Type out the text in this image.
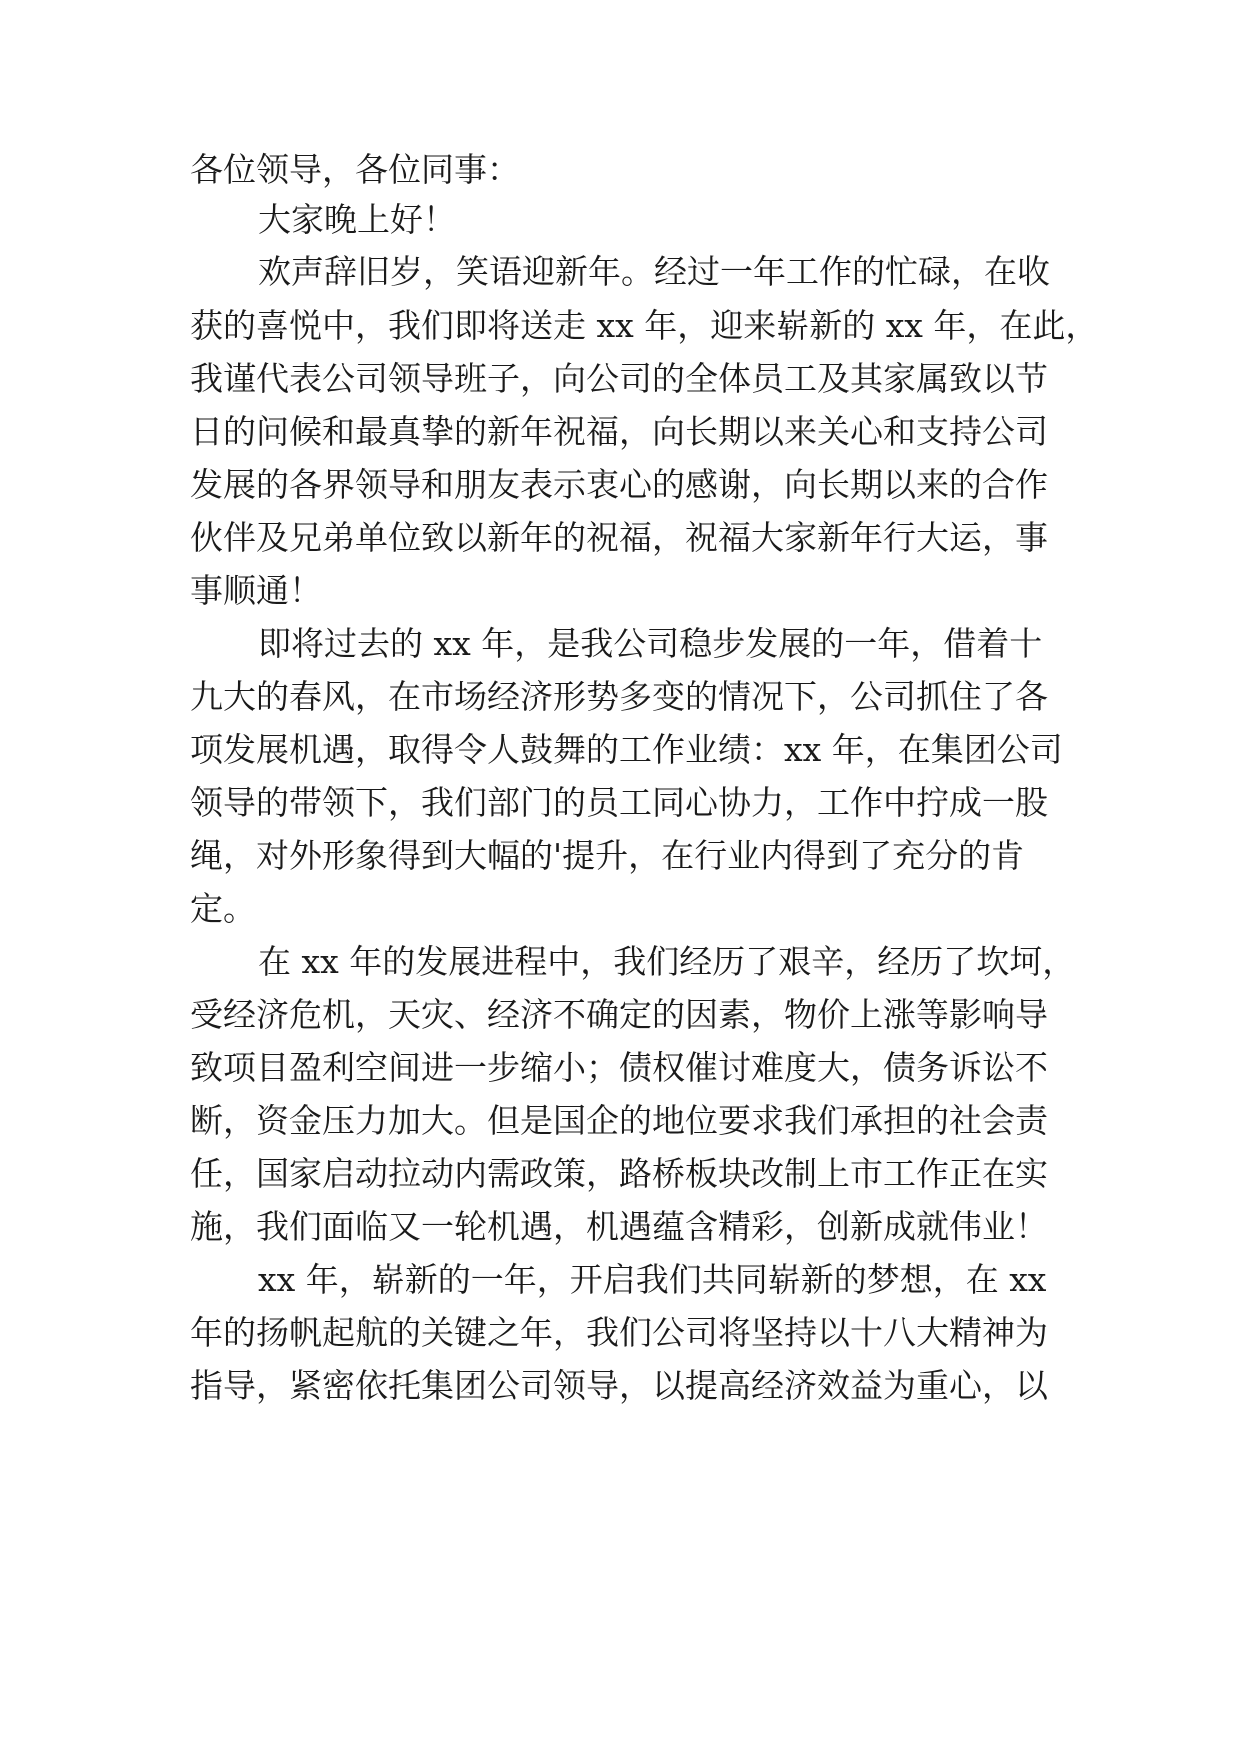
各位领导，各位同事：

大家晚上好！

欢声辞旧岁，笑语迎新年。经过一年工作的忙碌，在收

获的喜悦中，我们即将送走 xx 年，迎来崭新的 xx 年，在此，

我谨代表公司领导班子，向公司的全体员工及其家属致以节

日的问候和最真挚的新年祝福，向长期以来关心和支持公司

发展的各界领导和朋友表示衷心的感谢，向长期以来的合作

伙伴及兄弟单位致以新年的祝福，祝福大家新年行大运，事

事顺通！

即将过去的 xx 年，是我公司稳步发展的一年，借着十

九大的春风，在市场经济形势多变的情况下，公司抓住了各

项发展机遇，取得令人鼓舞的工作业绩：xx 年，在集团公司

领导的带领下，我们部门的员工同心协力，工作中拧成一股

绳，对外形象得到大幅的'提升，在行业内得到了充分的肯

定。

在 xx 年的发展进程中，我们经历了艰辛，经历了坎坷，

受经济危机，天灾、经济不确定的因素，物价上涨等影响导

致项目盈利空间进一步缩小；债权催讨难度大，债务诉讼不

断，资金压力加大。但是国企的地位要求我们承担的社会责

任，国家启动拉动内需政策，路桥板块改制上市工作正在实

施，我们面临又一轮机遇，机遇蕴含精彩，创新成就伟业！

xx 年，崭新的一年，开启我们共同崭新的梦想，在 xx

年的扬帆起航的关键之年，我们公司将坚持以十八大精神为

指导，紧密依托集团公司领导，以提高经济效益为重心，以
